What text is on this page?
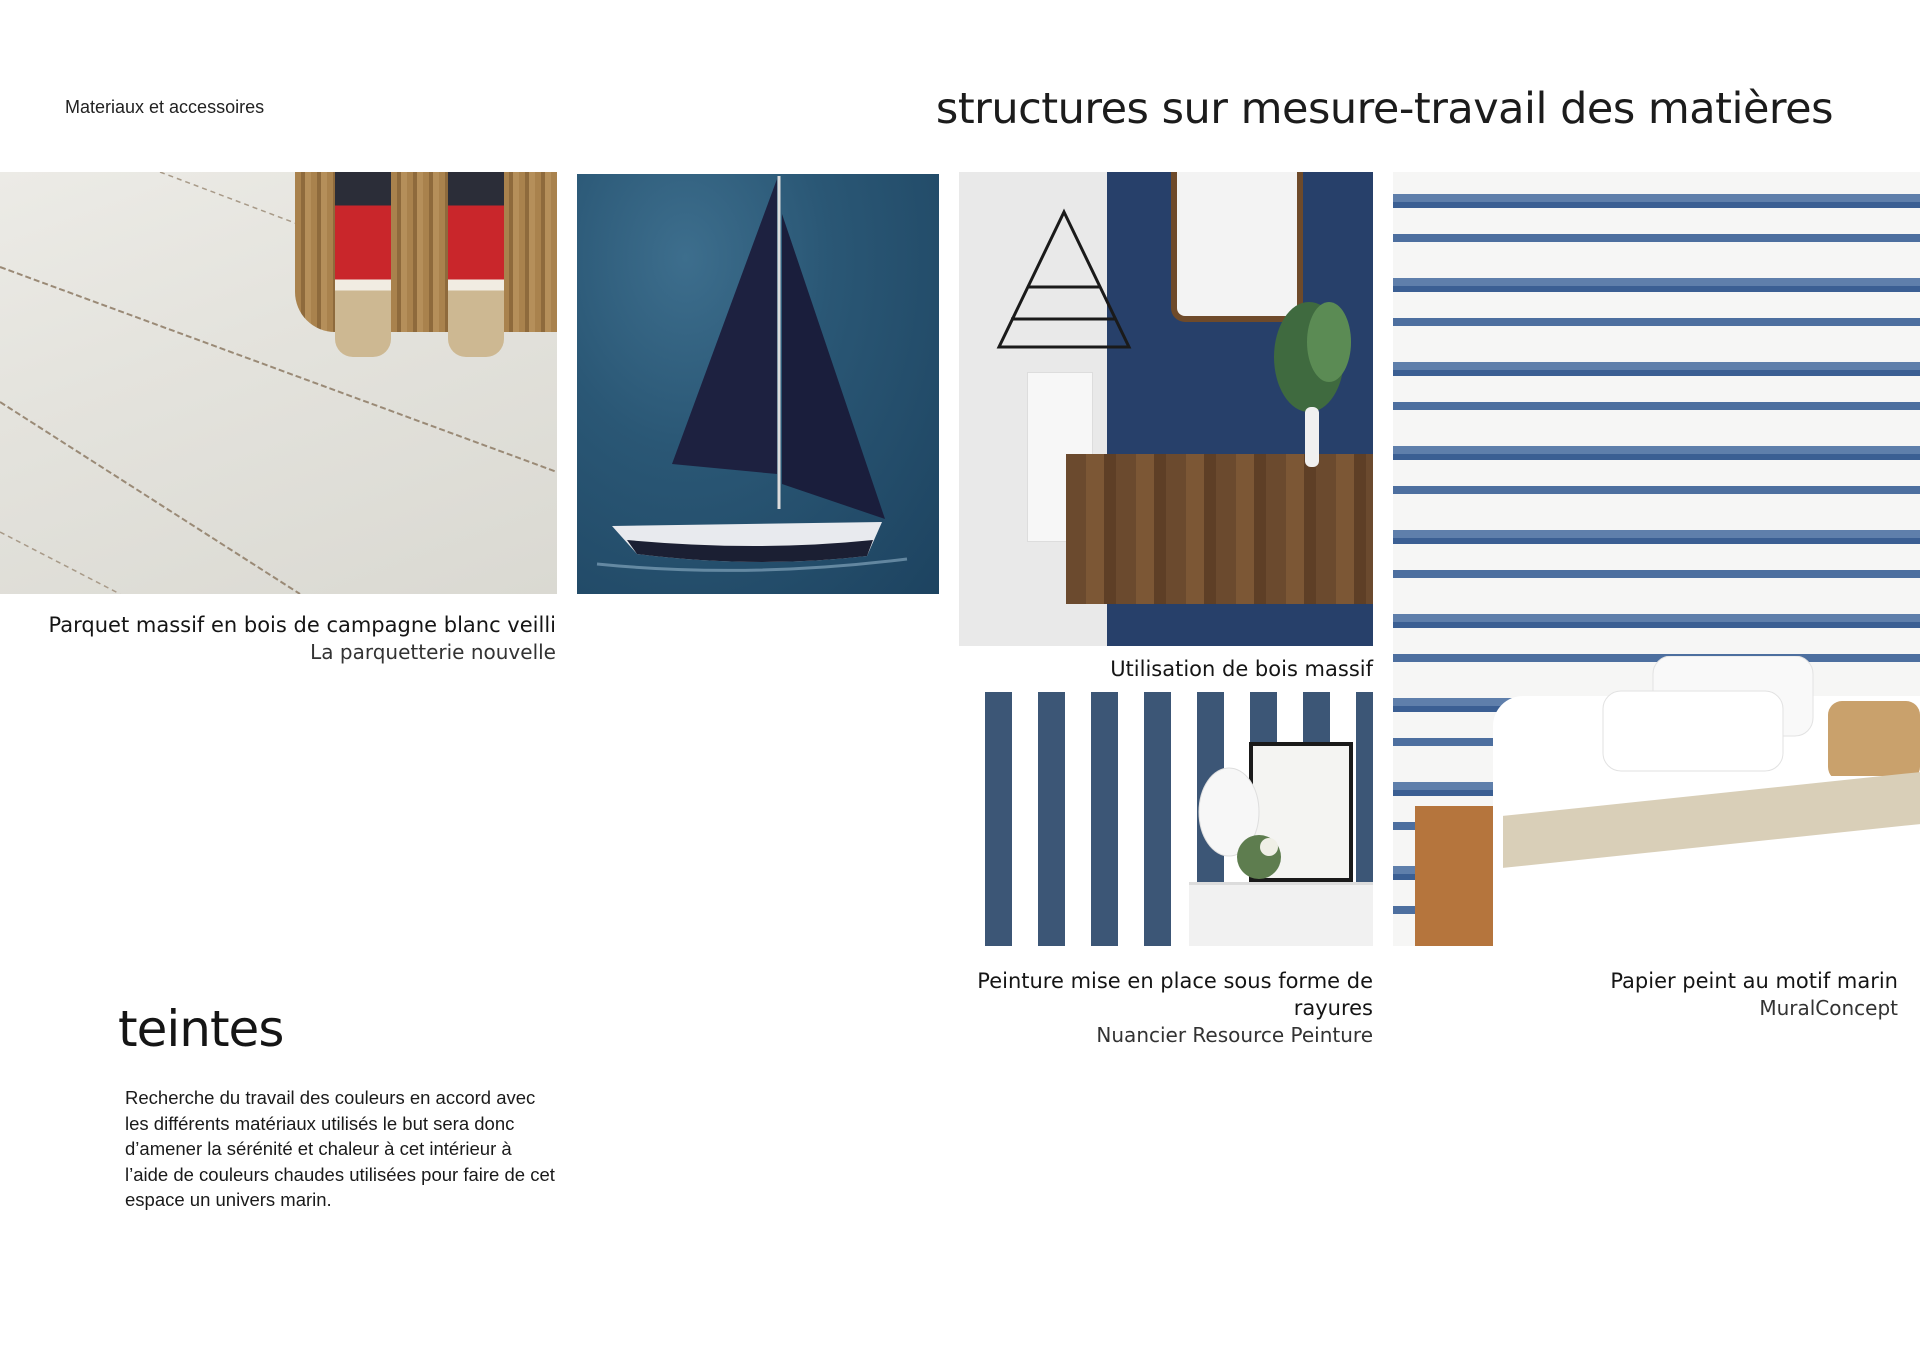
Materiaux et accessoires	structures sur mesure-travail des matières
Utilisation de bois massif
Parquet massif en bois de campagne blanc veilli
La parquetterie nouvelle
Peinture mise en place sous forme de
rayures
Nuancier Resource Peinture
Papier peint au motif marin
MuralConcept
teintes
Recherche du travail des couleurs en accord avec les différents matériaux utilisés le but sera donc d’amener la sérénité et chaleur à cet intérieur à l’aide de couleurs chaudes utilisées pour faire de cet espace un univers marin.
